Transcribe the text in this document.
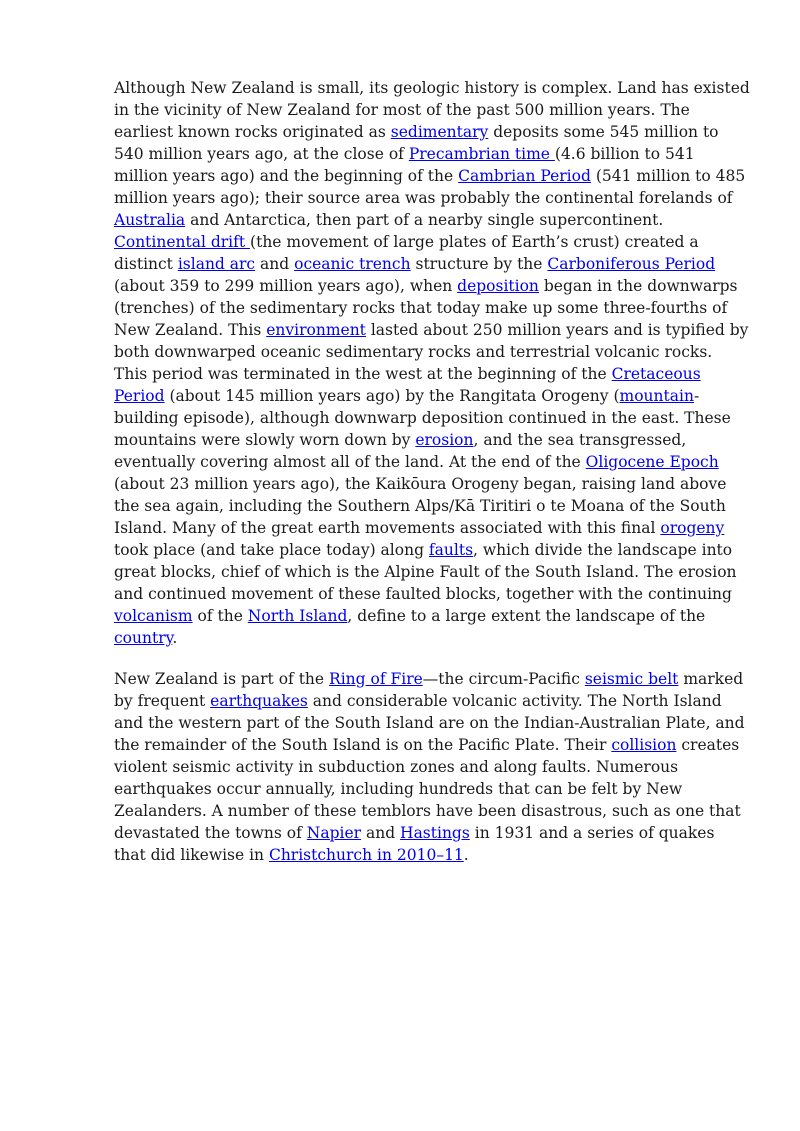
Although New Zealand is small, its geologic history is complex. Land has existed in the vicinity of New Zealand for most of the past 500 million years. The earliest known rocks originated as sedimentary deposits some 545 million to 540 million years ago, at the close of Precambrian time (4.6 billion to 541 million years ago) and the beginning of the Cambrian Period (541 million to 485 million years ago); their source area was probably the continental forelands of Australia and Antarctica, then part of a nearby single supercontinent. Continental drift (the movement of large plates of Earth’s crust) created a distinct island arc and oceanic trench structure by the Carboniferous Period (about 359 to 299 million years ago), when deposition began in the downwarps (trenches) of the sedimentary rocks that today make up some three-fourths of New Zealand. This environment lasted about 250 million years and is typified by both downwarped oceanic sedimentary rocks and terrestrial volcanic rocks. This period was terminated in the west at the beginning of the Cretaceous Period (about 145 million years ago) by the Rangitata Orogeny (mountain-building episode), although downwarp deposition continued in the east. These mountains were slowly worn down by erosion, and the sea transgressed, eventually covering almost all of the land. At the end of the Oligocene Epoch (about 23 million years ago), the Kaikōura Orogeny began, raising land above the sea again, including the Southern Alps/Kā Tiritiri o te Moana of the South Island. Many of the great earth movements associated with this final orogeny took place (and take place today) along faults, which divide the landscape into great blocks, chief of which is the Alpine Fault of the South Island. The erosion and continued movement of these faulted blocks, together with the continuing volcanism of the North Island, define to a large extent the landscape of the country.

New Zealand is part of the Ring of Fire—the circum-Pacific seismic belt marked by frequent earthquakes and considerable volcanic activity. The North Island and the western part of the South Island are on the Indian-Australian Plate, and the remainder of the South Island is on the Pacific Plate. Their collision creates violent seismic activity in subduction zones and along faults. Numerous earthquakes occur annually, including hundreds that can be felt by New Zealanders. A number of these temblors have been disastrous, such as one that devastated the towns of Napier and Hastings in 1931 and a series of quakes that did likewise in Christchurch in 2010–11.
